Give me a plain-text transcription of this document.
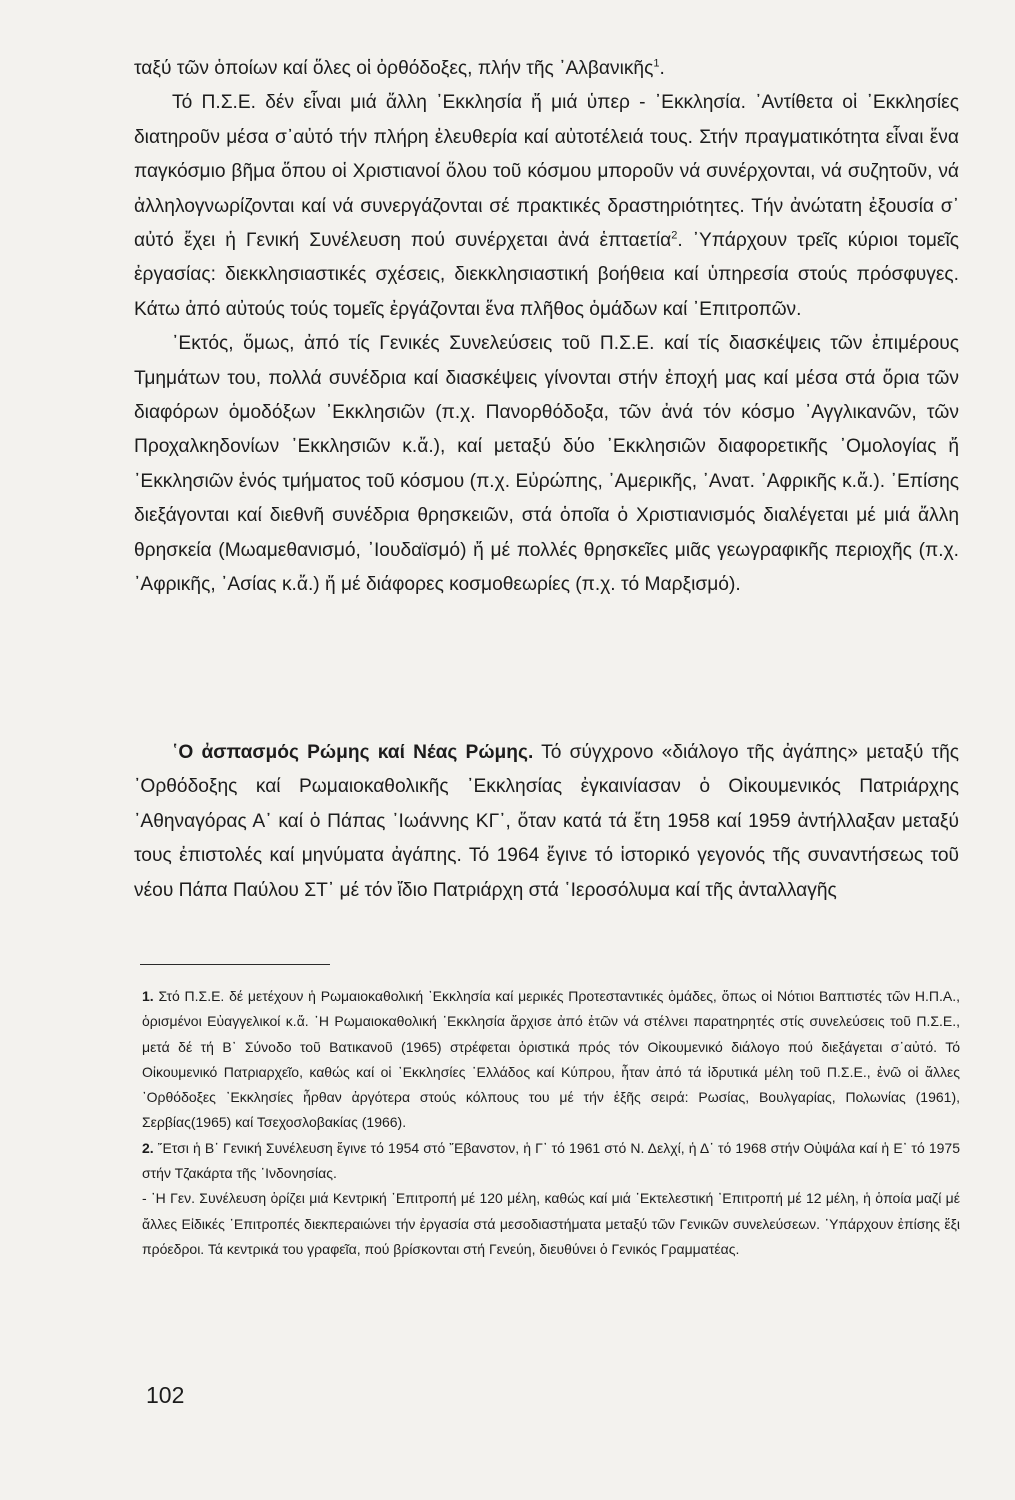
ταξύ τῶν ὁποίων καί ὅλες οἱ ὀρθόδοξες, πλήν τῆς ᾿Αλβανικῆς$^1$.

Τό Π.Σ.Ε. δέν εἶναι μιά ἄλλη ᾿Εκκλησία ἤ μιά ὑπερ - ᾿Εκκλησία. ᾿Αντίθετα οἱ ᾿Εκκλησίες διατηροῦν μέσα σ᾿αὐτό τήν πλήρη ἐλευθερία καί αὐτοτέλειά τους. Στήν πραγματικότητα εἶναι ἕνα παγκόσμιο βῆμα ὅπου οἱ Χριστιανοί ὅλου τοῦ κόσμου μποροῦν νά συνέρχονται, νά συζητοῦν, νά ἀλληλογνωρίζονται καί νά συνεργάζονται σέ πρακτικές δραστηριότητες. Τήν ἀνώτατη ἐξουσία σ᾿ αὐτό ἔχει ἡ Γενική Συνέλευση πού συνέρχεται ἀνά ἑπταετία$^2$. ᾿Υπάρχουν τρεῖς κύριοι τομεῖς ἐργασίας: διεκκλησιαστικές σχέσεις, διεκκλησιαστική βοήθεια καί ὑπηρεσία στούς πρόσφυγες. Κάτω ἀπό αὐτούς τούς τομεῖς ἐργάζονται ἕνα πλῆθος ὁμάδων καί ᾿Επιτροπῶν.

᾿Εκτός, ὅμως, ἀπό τίς Γενικές Συνελεύσεις τοῦ Π.Σ.Ε. καί τίς διασκέψεις τῶν ἐπιμέρους Τμημάτων του, πολλά συνέδρια καί διασκέψεις γίνονται στήν ἐποχή μας καί μέσα στά ὅρια τῶν διαφόρων ὁμοδόξων ᾿Εκκλησιῶν (π.χ. Πανορθόδοξα, τῶν ἀνά τόν κόσμο ᾿Αγγλικανῶν, τῶν Προχαλκηδονίων ᾿Εκκλησιῶν κ.ἄ.), καί μεταξύ δύο ᾿Εκκλησιῶν διαφορετικῆς ᾿Ομολογίας ἤ ᾿Εκκλησιῶν ἑνός τμήματος τοῦ κόσμου (π.χ. Εὐρώπης, ᾿Αμερικῆς, ᾿Ανατ. ᾿Αφρικῆς κ.ἄ.). ᾿Επίσης διεξάγονται καί διεθνῆ συνέδρια θρησκειῶν, στά ὁποῖα ὁ Χριστιανισμός διαλέγεται μέ μιά ἄλλη θρησκεία (Μωαμεθανισμό, ᾿Ιουδαϊσμό) ἤ μέ πολλές θρησκεῖες μιᾶς γεωγραφικῆς περιοχῆς (π.χ. ᾿Αφρικῆς, ᾿Ασίας κ.ἄ.) ἤ μέ διάφορες κοσμοθεωρίες (π.χ. τό Μαρξισμό).

῾Ο ἀσπασμός Ρώμης καί Νέας Ρώμης. Τό σύγχρονο «διάλογο τῆς ἀγάπης» μεταξύ τῆς ᾿Ορθόδοξης καί Ρωμαιοκαθολικῆς ᾿Εκκλησίας ἐγκαινίασαν ὁ Οἰκουμενικός Πατριάρχης ᾿Αθηναγόρας Α᾿ καί ὁ Πάπας ᾿Ιωάννης ΚΓ᾿, ὅταν κατά τά ἔτη 1958 καί 1959 ἀντήλλαξαν μεταξύ τους ἐπιστολές καί μηνύματα ἀγάπης. Τό 1964 ἔγινε τό ἱστορικό γεγονός τῆς συναντήσεως τοῦ νέου Πάπα Παύλου ΣΤ᾿ μέ τόν ἴδιο Πατριάρχη στά ῾Ιεροσόλυμα καί τῆς ἀνταλλαγῆς

1. Στό Π.Σ.Ε. δέ μετέχουν ἡ Ρωμαιοκαθολική ᾿Εκκλησία καί μερικές Προτεσταντικές ὁμάδες, ὅπως οἱ Νότιοι Βαπτιστές τῶν Η.Π.Α., ὁρισμένοι Εὐαγγελικοί κ.ἄ. ῾Η Ρωμαιοκαθολική ᾿Εκκλησία ἄρχισε ἀπό ἐτῶν νά στέλνει παρατηρητές στίς συνελεύσεις τοῦ Π.Σ.Ε., μετά δέ τή Β᾿ Σύνοδο τοῦ Βατικανοῦ (1965) στρέφεται ὁριστικά πρός τόν Οἰκουμενικό διάλογο πού διεξάγεται σ᾿αὐτό. Τό Οἰκουμενικό Πατριαρχεῖο, καθώς καί οἱ ᾿Εκκλησίες ῾Ελλάδος καί Κύπρου, ἦταν ἀπό τά ἱδρυτικά μέλη τοῦ Π.Σ.Ε., ἐνῶ οἱ ἄλλες ᾿Ορθόδοξες ᾿Εκκλησίες ἦρθαν ἀργότερα στούς κόλπους του μέ τήν ἑξῆς σειρά: Ρωσίας, Βουλγαρίας, Πολωνίας (1961), Σερβίας(1965) καί Τσεχοσλοβακίας (1966).

2. ῎Ετσι ἡ Β᾿ Γενική Συνέλευση ἔγινε τό 1954 στό ῎Εβανστον, ἡ Γ᾿ τό 1961 στό Ν. Δελχί, ἡ Δ᾿ τό 1968 στήν Οὐψάλα καί ἡ Ε᾿ τό 1975 στήν Τζακάρτα τῆς ᾿Ινδονησίας.

- ῾Η Γεν. Συνέλευση ὁρίζει μιά Κεντρική ᾿Επιτροπή μέ 120 μέλη, καθώς καί μιά ᾿Εκτελεστική ᾿Επιτροπή μέ 12 μέλη, ἡ ὁποία μαζί μέ ἄλλες Εἰδικές ᾿Επιτροπές διεκπεραιώνει τήν ἐργασία στά μεσοδιαστήματα μεταξύ τῶν Γενικῶν συνελεύσεων. ᾿Υπάρχουν ἐπίσης ἕξι πρόεδροι. Τά κεντρικά του γραφεῖα, πού βρίσκονται στή Γενεύη, διευθύνει ὁ Γενικός Γραμματέας.

102
